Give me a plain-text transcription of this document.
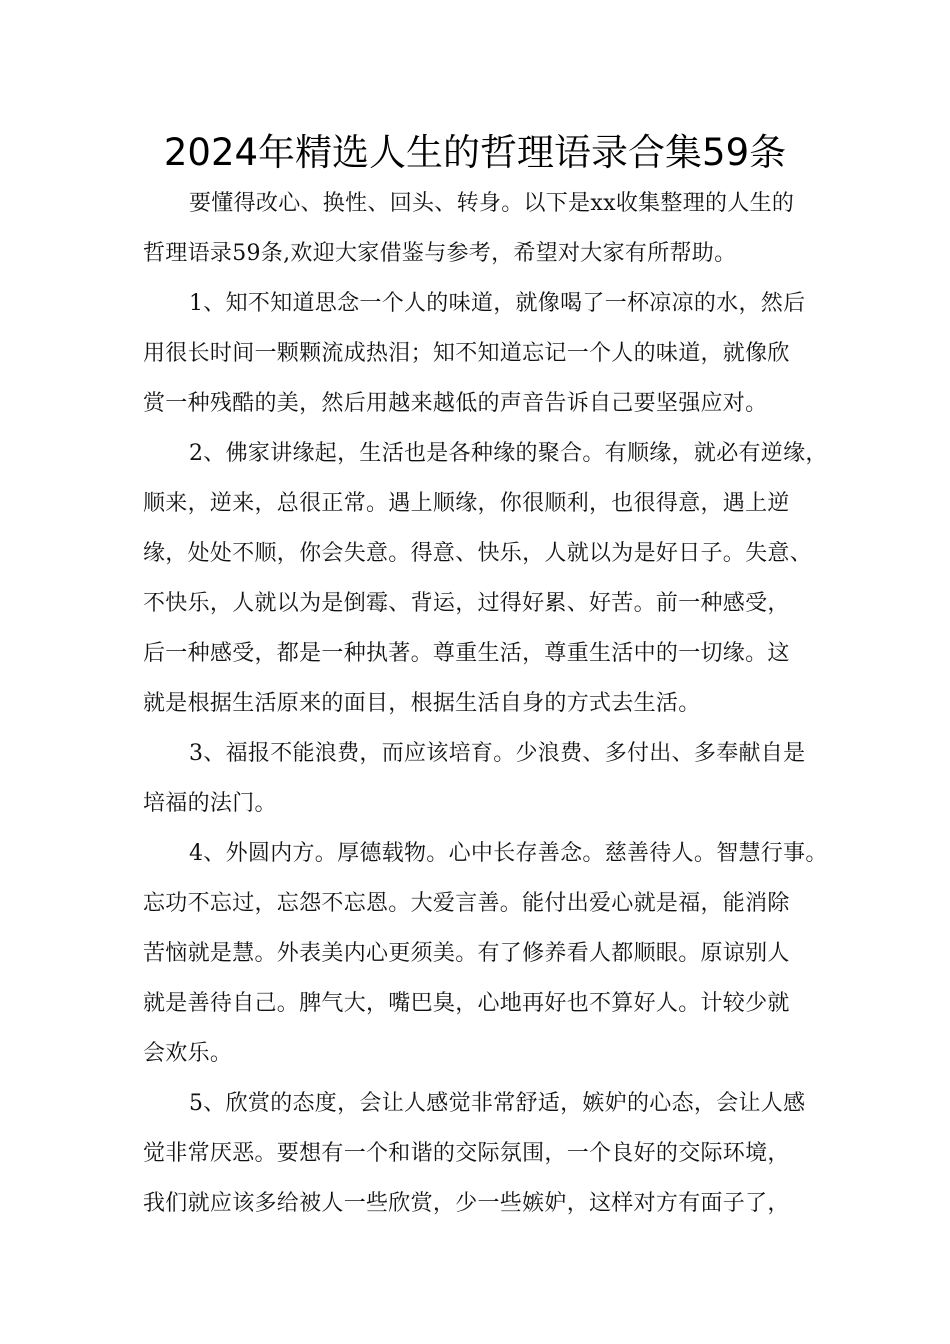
2024年精选人生的哲理语录合集59条

要懂得改心、换性、回头、转身。以下是xx收集整理的人生的
哲理语录59条,欢迎大家借鉴与参考，希望对大家有所帮助。

1、知不知道思念一个人的味道，就像喝了一杯凉凉的水，然后
用很长时间一颗颗流成热泪；知不知道忘记一个人的味道，就像欣
赏一种残酷的美，然后用越来越低的声音告诉自己要坚强应对。

2、佛家讲缘起，生活也是各种缘的聚合。有顺缘，就必有逆缘，
顺来，逆来，总很正常。遇上顺缘，你很顺利，也很得意，遇上逆
缘，处处不顺，你会失意。得意、快乐，人就以为是好日子。失意、
不快乐，人就以为是倒霉、背运，过得好累、好苦。前一种感受，
后一种感受，都是一种执著。尊重生活，尊重生活中的一切缘。这
就是根据生活原来的面目，根据生活自身的方式去生活。

3、福报不能浪费，而应该培育。少浪费、多付出、多奉献自是
培福的法门。

4、外圆内方。厚德载物。心中长存善念。慈善待人。智慧行事。
忘功不忘过，忘怨不忘恩。大爱言善。能付出爱心就是福，能消除
苦恼就是慧。外表美内心更须美。有了修养看人都顺眼。原谅别人
就是善待自己。脾气大，嘴巴臭，心地再好也不算好人。计较少就
会欢乐。

5、欣赏的态度，会让人感觉非常舒适，嫉妒的心态，会让人感
觉非常厌恶。要想有一个和谐的交际氛围，一个良好的交际环境，
我们就应该多给被人一些欣赏，少一些嫉妒，这样对方有面子了，
